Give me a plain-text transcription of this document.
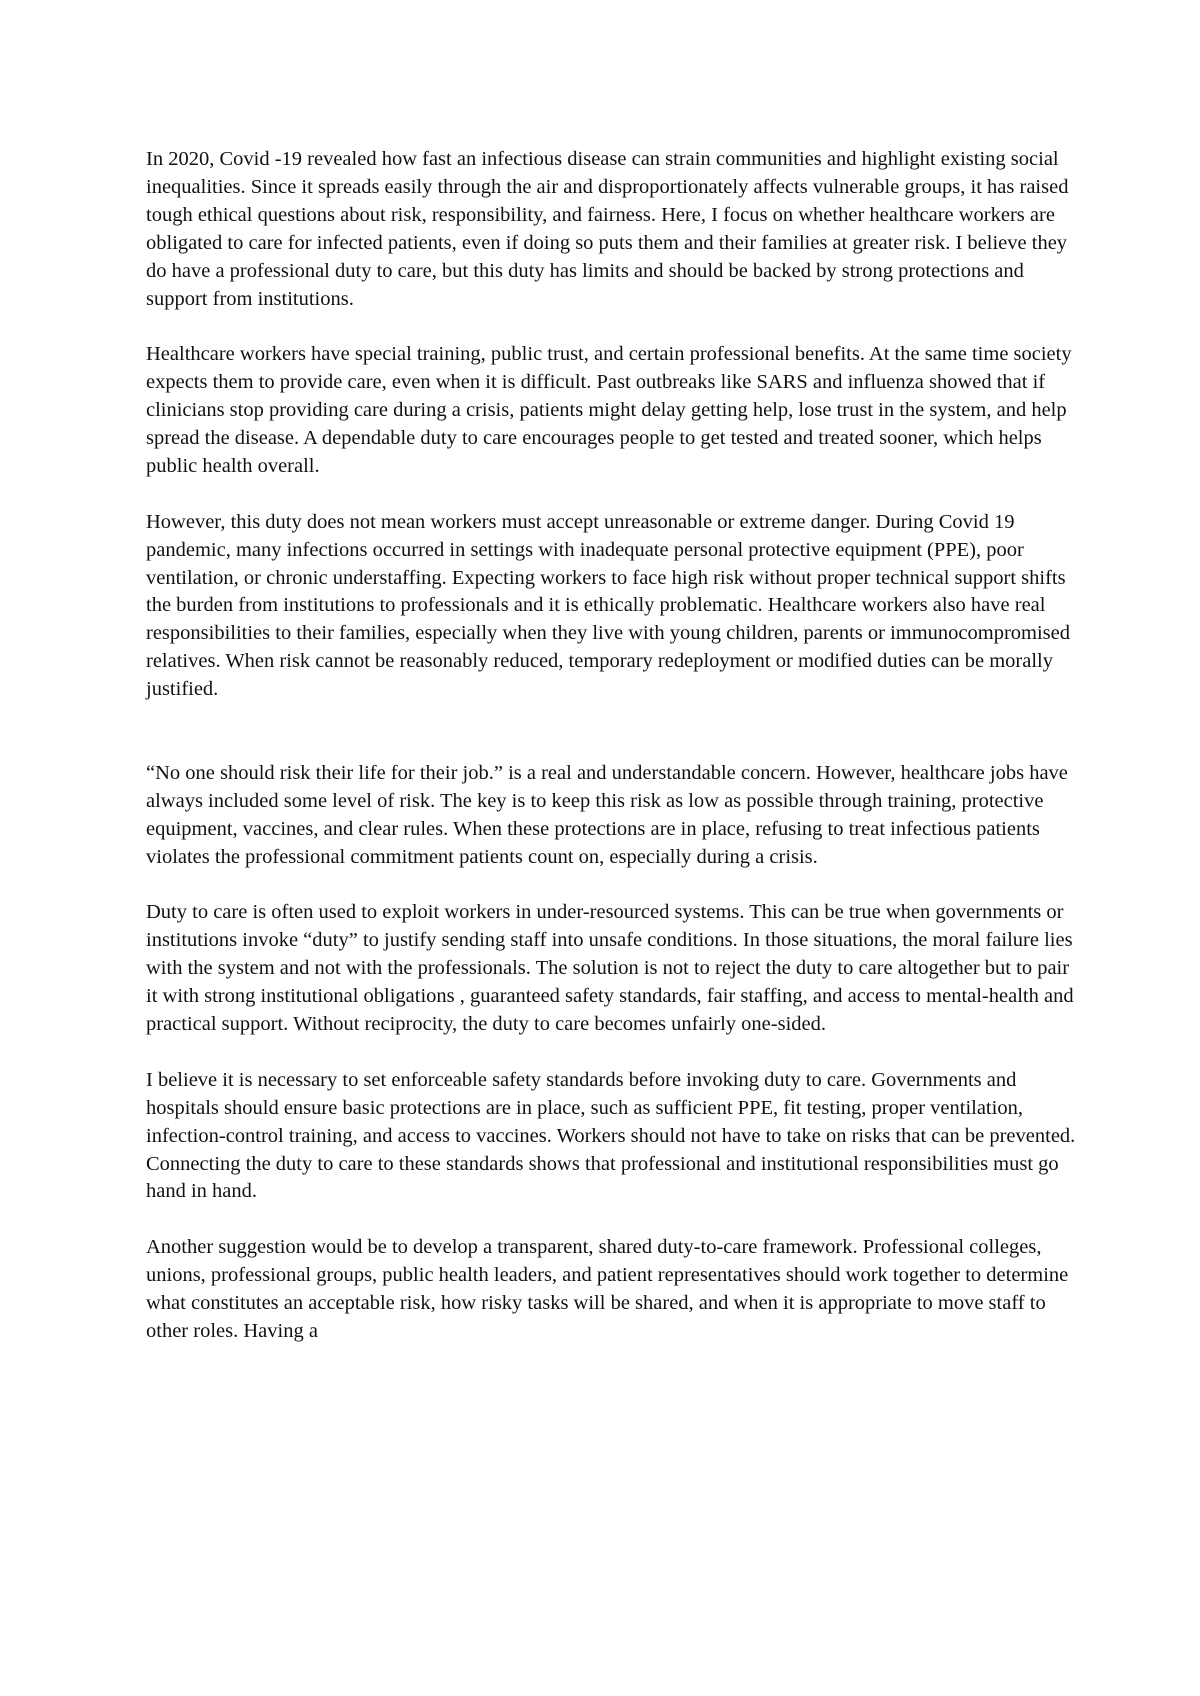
In 2020, Covid -19 revealed how fast an infectious disease can strain communities and highlight existing social inequalities. Since it spreads easily through the air and disproportionately affects vulnerable groups, it has raised tough ethical questions about risk, responsibility, and fairness. Here, I focus on whether healthcare workers are obligated to care for infected patients, even if doing so puts them and their families at greater risk. I believe they do have a professional duty to care, but this duty has limits and should be backed by strong protections and support from institutions.

Healthcare workers have special training, public trust, and certain professional benefits. At the same time society expects them to provide care, even when it is difficult. Past outbreaks like SARS and influenza showed that if clinicians stop providing care during a crisis, patients might delay getting help, lose trust in the system, and help spread the disease. A dependable duty to care encourages people to get tested and treated sooner, which helps public health overall.

However, this duty does not mean workers must accept unreasonable or extreme danger. During Covid 19 pandemic, many infections occurred in settings with inadequate personal protective equipment (PPE), poor ventilation, or chronic understaffing. Expecting workers to face high risk without proper technical support shifts the burden from institutions to professionals and it is ethically problematic. Healthcare workers also have real responsibilities to their families, especially when they live with young children, parents or immunocompromised relatives. When risk cannot be reasonably reduced, temporary redeployment or modified duties can be morally justified.

“No one should risk their life for their job.” is a real and understandable concern. However, healthcare jobs have always included some level of risk. The key is to keep this risk as low as possible through training, protective equipment, vaccines, and clear rules. When these protections are in place, refusing to treat infectious patients violates the professional commitment patients count on, especially during a crisis.

Duty to care is often used to exploit workers in under-resourced systems. This can be true when governments or institutions invoke “duty” to justify sending staff into unsafe conditions. In those situations, the moral failure lies with the system and not with the professionals. The solution is not to reject the duty to care altogether but to pair it with strong institutional obligations , guaranteed safety standards, fair staffing, and access to mental-health and practical support. Without reciprocity, the duty to care becomes unfairly one-sided.

I believe it is necessary to set enforceable safety standards before invoking duty to care. Governments and hospitals should ensure basic protections are in place, such as sufficient PPE, fit testing, proper ventilation, infection-control training, and access to vaccines. Workers should not have to take on risks that can be prevented. Connecting the duty to care to these standards shows that professional and institutional responsibilities must go hand in hand.

Another suggestion would be to develop a transparent, shared duty-to-care framework. Professional colleges, unions, professional groups, public health leaders, and patient representatives should work together to determine what constitutes an acceptable risk, how risky tasks will be shared, and when it is appropriate to move staff to other roles. Having a
